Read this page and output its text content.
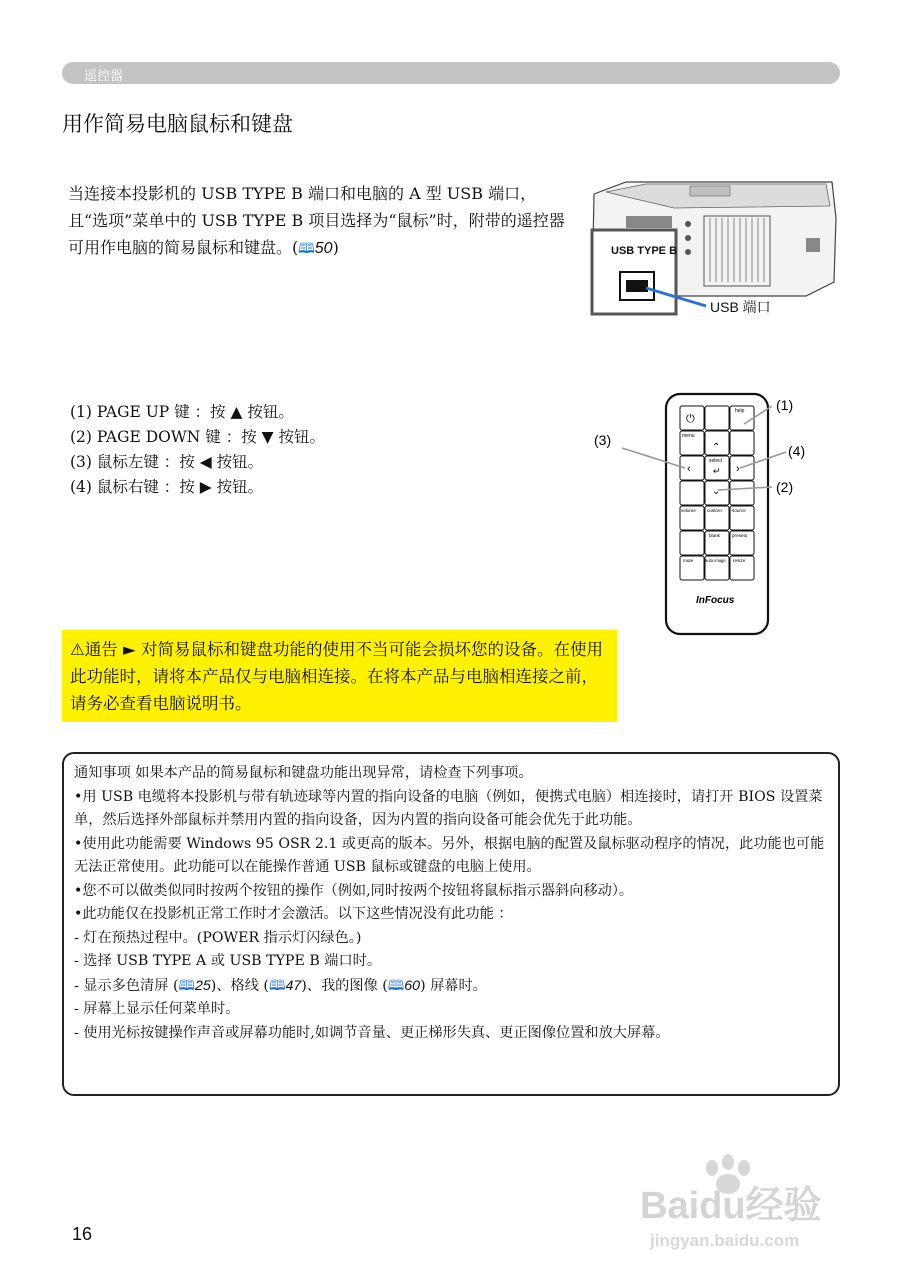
遥控器
用作简易电脑鼠标和键盘
当连接本投影机的 USB TYPE B 端口和电脑的 A 型 USB 端口，且“选项”菜单中的 USB TYPE B 项目选择为“鼠标”时，附带的遥控器可用作电脑的简易鼠标和键盘。(🕮50)	USB TYPE B
USB 端口
(1) PAGE UP 键 ：按 ▲ 按钮。
(2) PAGE DOWN 键 ：按 ▼ 按钮。
(3) 鼠标左键 ：按 ◀ 按钮。
(4) 鼠标右键 ：按 ▶ 按钮。
⏻
help
menu
select
‹	›
⌃
⌄
↵
volume custom source
blank	presets
mute	auto image resize
InFocus
(1)
(2)
(3)
(4)
⚠通告 ► 对简易鼠标和键盘功能的使用不当可能会损坏您的设备。在使用此功能时，请将本产品仅与电脑相连接。在将本产品与电脑相连接之前，请务必查看电脑说明书。

通知事项 如果本产品的简易鼠标和键盘功能出现异常，请检查下列事项。

•用 USB 电缆将本投影机与带有轨迹球等内置的指向设备的电脑（例如，便携式电脑）相连接时，请打开 BIOS 设置菜单，然后选择外部鼠标并禁用内置的指向设备，因为内置的指向设备可能会优先于此功能。

•使用此功能需要 Windows 95 OSR 2.1 或更高的版本。另外，根据电脑的配置及鼠标驱动程序的情况，此功能也可能无法正常使用。此功能可以在能操作普通 USB 鼠标或键盘的电脑上使用。

•您不可以做类似同时按两个按钮的操作（例如,同时按两个按钮将鼠标指示器斜向移动）。

•此功能仅在投影机正常工作时才会激活。以下这些情况没有此功能 ：

- 灯在预热过程中。(POWER 指示灯闪绿色。)

- 选择 USB TYPE A 或 USB TYPE B 端口时。

- 显示多色清屏 (🕮25)、格线 (🕮47)、我的图像 (🕮60) 屏幕时。

- 屏幕上显示任何菜单时。

- 使用光标按键操作声音或屏幕功能时,如调节音量、更正梯形失真、更正图像位置和放大屏幕。

16
Baidu经验
jingyan.baidu.com
